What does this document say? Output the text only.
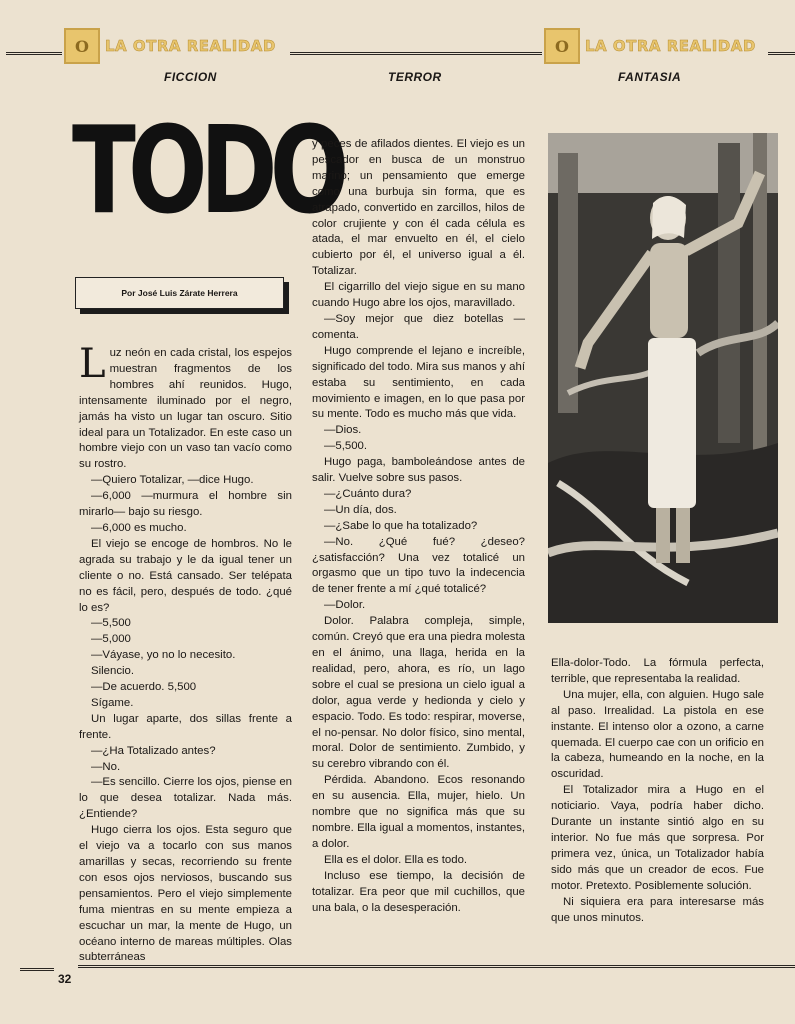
O	LA OTRA REALIDAD	O	LA OTRA REALIDAD
FICCION	TERROR	FANTASIA
TODO
Por José Luis Zárate Herrera

Luz neón en cada cristal, los espejos muestran fragmentos de los hombres ahí reunidos. Hugo, intensamente iluminado por el negro, jamás ha visto un lugar tan oscuro. Sitio ideal para un Totalizador. En este caso un hombre viejo con un vaso tan vacío como su rostro.

—Quiero Totalizar, —dice Hugo.

—6,000 —murmura el hombre sin mirarlo— bajo su riesgo.

—6,000 es mucho.

El viejo se encoge de hombros. No le agrada su trabajo y le da igual tener un cliente o no. Está cansado. Ser telépata no es fácil, pero, después de todo. ¿qué lo es?

—5,500

—5,000

—Váyase, yo no lo necesito.

Silencio.

—De acuerdo. 5,500

Sígame.

Un lugar aparte, dos sillas frente a frente.

—¿Ha Totalizado antes?

—No.

—Es sencillo. Cierre los ojos, piense en lo que desea totalizar. Nada más. ¿Entiende?

Hugo cierra los ojos. Esta seguro que el viejo va a tocarlo con sus manos amarillas y secas, recorriendo su frente con esos ojos nerviosos, buscando sus pensamientos. Pero el viejo simplemente fuma mientras en su mente empieza a escuchar un mar, la mente de Hugo, un océano interno de mareas múltiples. Olas subterráneas

y peces de afilados dientes. El viejo es un pescador en busca de un monstruo marino; un pensamiento que emerge como una burbuja sin forma, que es atrapado, convertido en zarcillos, hilos de color crujiente y con él cada célula es atada, el mar envuelto en él, el cielo cubierto por él, el universo igual a él. Totalizar.

El cigarrillo del viejo sigue en su mano cuando Hugo abre los ojos, maravillado.

—Soy mejor que diez botellas —comenta.

Hugo comprende el lejano e increíble, significado del todo. Mira sus manos y ahí estaba su sentimiento, en cada movimiento e imagen, en lo que pasa por su mente. Todo es mucho más que vida.

—Dios.

—5,500.

Hugo paga, bamboleándose antes de salir. Vuelve sobre sus pasos.

—¿Cuánto dura?

—Un día, dos.

—¿Sabe lo que ha totalizado?

—No. ¿Qué fué? ¿deseo? ¿satisfacción? Una vez totalicé un orgasmo que un tipo tuvo la indecencia de tener frente a mí ¿qué totalicé?

—Dolor.

Dolor. Palabra compleja, simple, común. Creyó que era una piedra molesta en el ánimo, una llaga, herida en la realidad, pero, ahora, es río, un lago sobre el cual se presiona un cielo igual a dolor, agua verde y hedionda y cielo y espacio. Todo. Es todo: respirar, moverse, el no-pensar. No dolor físico, sino mental, moral. Dolor de sentimiento. Zumbido, y su cerebro vibrando con él.

Pérdida. Abandono. Ecos resonando en su ausencia. Ella, mujer, hielo. Un nombre que no significa más que su nombre. Ella igual a momentos, instantes, a dolor.

Ella es el dolor. Ella es todo.

Incluso ese tiempo, la decisión de totalizar. Era peor que mil cuchillos, que una bala, o la desesperación.

Ella-dolor-Todo. La fórmula perfecta, terrible, que representaba la realidad.

Una mujer, ella, con alguien. Hugo sale al paso. Irrealidad. La pistola en ese instante. El intenso olor a ozono, a carne quemada. El cuerpo cae con un orificio en la cabeza, humeando en la noche, en la oscuridad.

El Totalizador mira a Hugo en el noticiario. Vaya, podría haber dicho. Durante un instante sintió algo en su interior. No fue más que sorpresa. Por primera vez, única, un Totalizador había sido más que un creador de ecos. Fue motor. Pretexto. Posiblemente solución.

Ni siquiera era para interesarse más que unos minutos.

32
